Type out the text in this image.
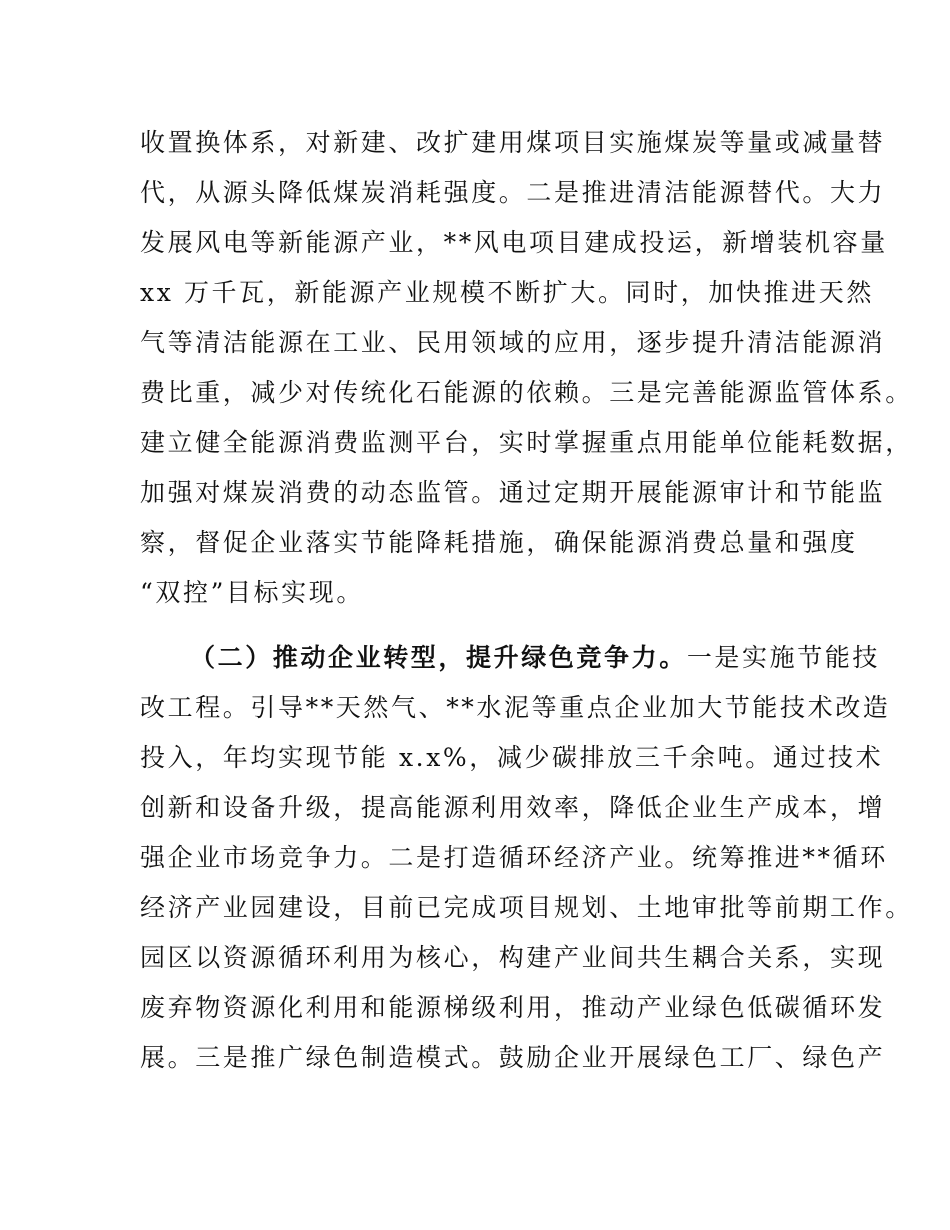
收置换体系，对新建、改扩建用煤项目实施煤炭等量或减量替
代，从源头降低煤炭消耗强度。二是推进清洁能源替代。大力
发展风电等新能源产业，**风电项目建成投运，新增装机容量
xx 万千瓦，新能源产业规模不断扩大。同时，加快推进天然
气等清洁能源在工业、民用领域的应用，逐步提升清洁能源消
费比重，减少对传统化石能源的依赖。三是完善能源监管体系。
建立健全能源消费监测平台，实时掌握重点用能单位能耗数据，
加强对煤炭消费的动态监管。通过定期开展能源审计和节能监
察，督促企业落实节能降耗措施，确保能源消费总量和强度
“双控”目标实现。
（二）推动企业转型，提升绿色竞争力。一是实施节能技
改工程。引导**天然气、**水泥等重点企业加大节能技术改造
投入，年均实现节能 x.x%，减少碳排放三千余吨。通过技术
创新和设备升级，提高能源利用效率，降低企业生产成本，增
强企业市场竞争力。二是打造循环经济产业。统筹推进**循环
经济产业园建设，目前已完成项目规划、土地审批等前期工作。
园区以资源循环利用为核心，构建产业间共生耦合关系，实现
废弃物资源化利用和能源梯级利用，推动产业绿色低碳循环发
展。三是推广绿色制造模式。鼓励企业开展绿色工厂、绿色产
